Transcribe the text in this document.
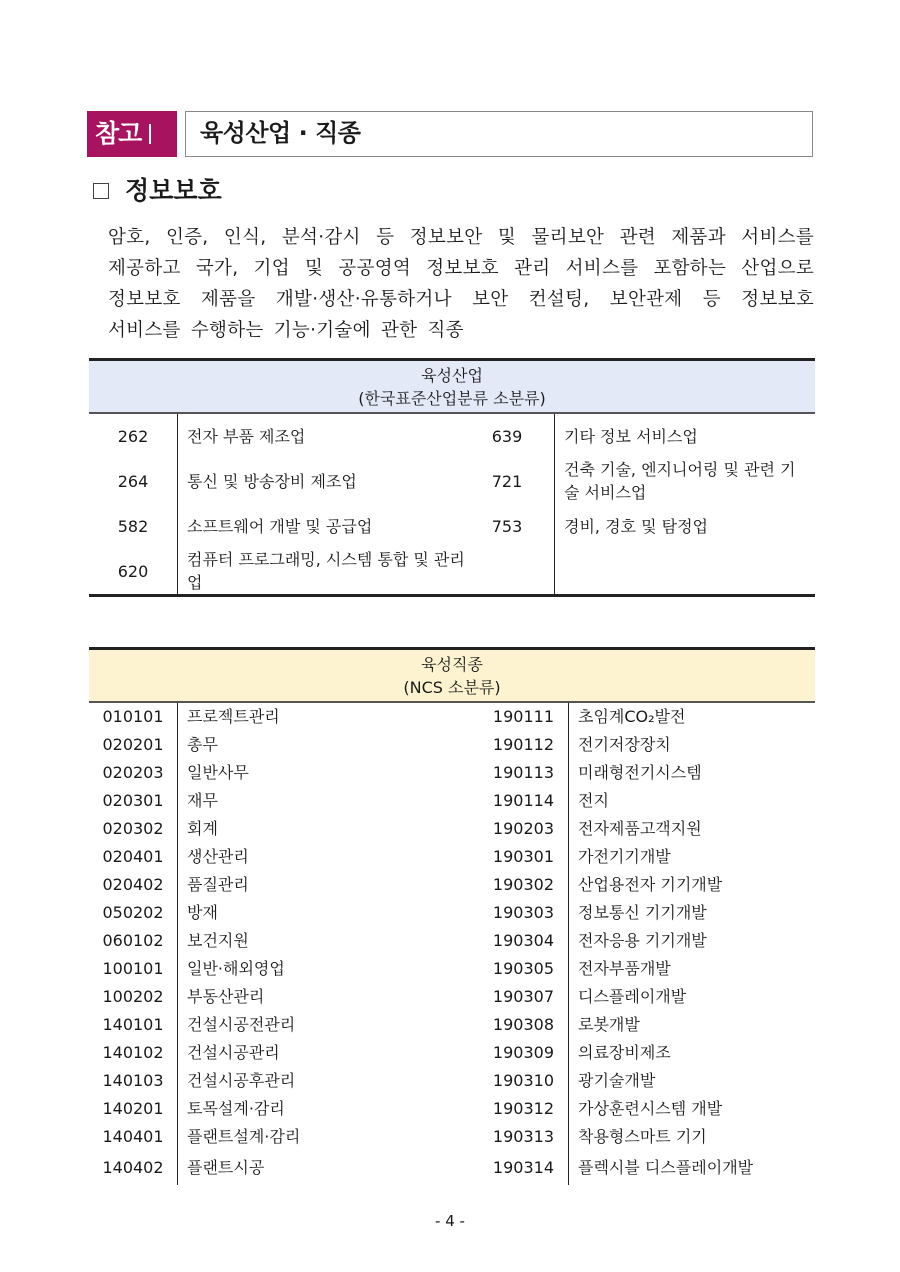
참고	육성산업 · 직종
정보보호
암호, 인증, 인식, 분석·감시 등 정보보안 및 물리보안 관련 제품과 서비스를
제공하고 국가, 기업 및 공공영역 정보보호 관리 서비스를 포함하는 산업으로
정보보호 제품을 개발·생산·유통하거나 보안 컨설팅, 보안관제 등 정보보호
서비스를 수행하는 기능·기술에 관한 직종
육성산업
(한국표준산업분류 소분류)			

262	전자 부품 제조업	639	기타 정보 서비스업
264	통신 및 방송장비 제조업	721	건축 기술, 엔지니어링 및 관련 기술 서비스업
582	소프트웨어 개발 및 공급업	753	경비, 경호 및 탐정업
620	컴퓨터 프로그래밍, 시스템 통합 및 관리업		
육성직종
(NCS 소분류)			

010101	프로젝트관리	190111	초임계CO₂발전
020201	총무	190112	전기저장장치
020203	일반사무	190113	미래형전기시스템
020301	재무	190114	전지
020302	회계	190203	전자제품고객지원
020401	생산관리	190301	가전기기개발
020402	품질관리	190302	산업용전자 기기개발
050202	방재	190303	정보통신 기기개발
060102	보건지원	190304	전자응용 기기개발
100101	일반·해외영업	190305	전자부품개발
100202	부동산관리	190307	디스플레이개발
140101	건설시공전관리	190308	로봇개발
140102	건설시공관리	190309	의료장비제조
140103	건설시공후관리	190310	광기술개발
140201	토목설계·감리	190312	가상훈련시스템 개발
140401	플랜트설계·감리	190313	착용형스마트 기기
140402	플랜트시공	190314	플렉시블 디스플레이개발
- 4 -
